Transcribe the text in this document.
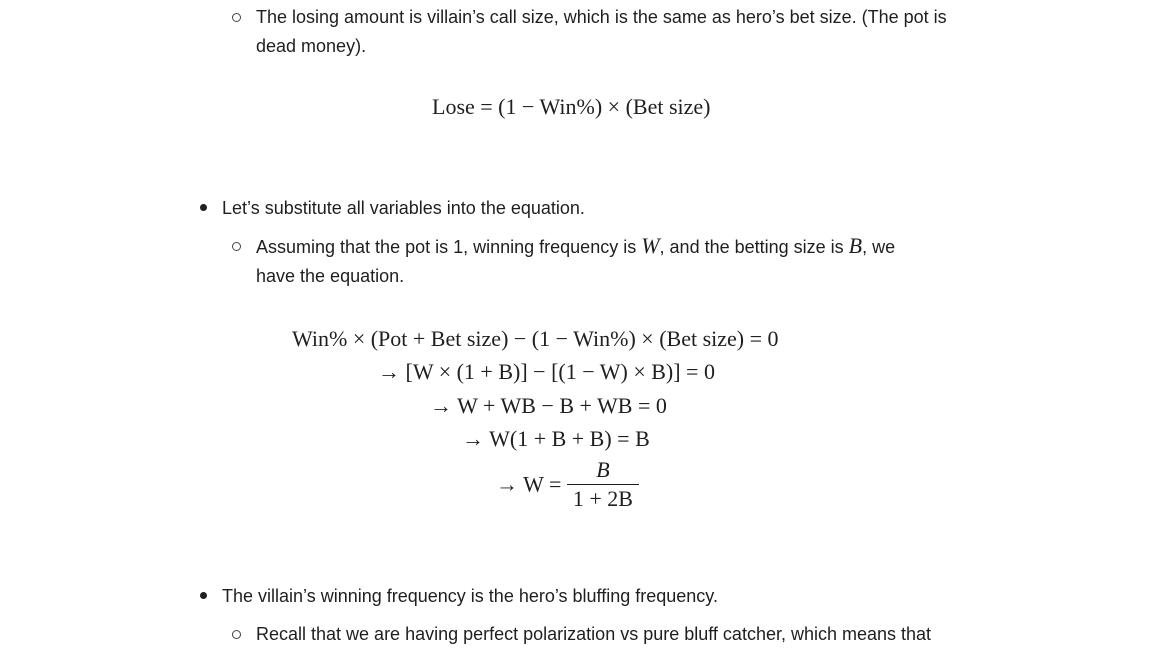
The losing amount is villain’s call size, which is the same as hero’s bet size. (The pot is
dead money).
Lose = (1 − Win%) × (Bet size)
Let’s substitute all variables into the equation.
Assuming that the pot is 1, winning frequency is W, and the betting size is B, we
have the equation.
Win% × (Pot + Bet size) − (1 − Win%) × (Bet size) = 0
→ [W × (1 + B)] − [(1 − W) × B)] = 0
→ W + WB − B + WB = 0
→ W(1 + B + B) = B
→ $W = \frac{B}{1 + 2B}$
The villain’s winning frequency is the hero’s bluffing frequency.
Recall that we are having perfect polarization vs pure bluff catcher, which means that
